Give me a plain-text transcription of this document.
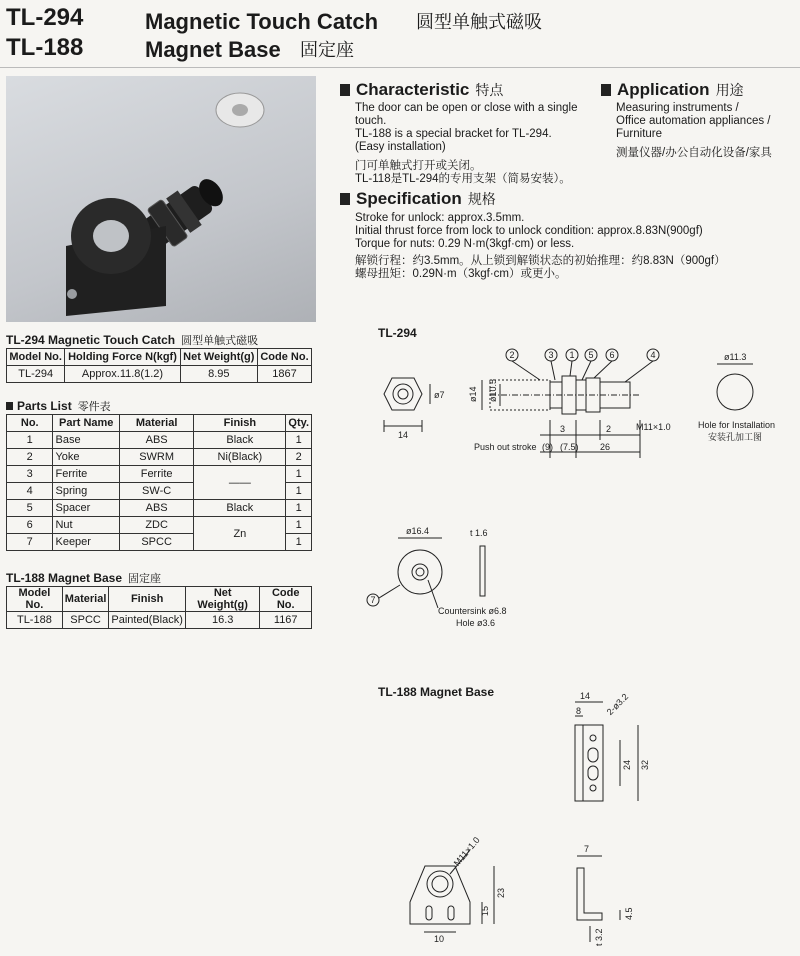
TL-294
TL-188
Magnetic Touch Catch 圆型单触式磁吸
Magnet Base 固定座
Characteristic 特点
The door can be open or close with a single touch.
TL-188 is a special bracket for TL-294.
(Easy installation)
门可单触式打开或关闭。
TL-118是TL-294的专用支架（简易安装）。
Application 用途
Measuring instruments /
Office automation appliances /
Furniture
测量仪器/办公自动化设备/家具
Specification 规格
Stroke for unlock: approx.3.5mm.
Initial thrust force from lock to unlock condition: approx.8.83N(900gf)
Torque for nuts: 0.29 N·m(3kgf·cm) or less.
解锁行程：约3.5mm。从上锁到解锁状态的初始推理：约8.83N（900gf）
螺母扭矩：0.29N·m（3kgf·cm）或更小。
TL-294 Magnetic Touch Catch 圆型单触式磁吸
Model No.	Holding Force N(kgf)	Net Weight(g)	Code No.
TL-294	Approx.11.8(1.2)	8.95	1867
Parts List 零件表
No.	Part Name	Material	Finish	Qty.
1	Base	ABS	Black	1
2	Yoke	SWRM	Ni(Black)	2
3	Ferrite	Ferrite	——	1
4	Spring	SW-C		1
5	Spacer	ABS	Black	1
6	Nut	ZDC	Zn	1
7	Keeper	SPCC		1
TL-188 Magnet Base 固定座
Model No.	Material	Finish	Net Weight(g)	Code No.
TL-188	SPCC	Painted(Black)	16.3	1167
TL-294
2	3 1 5 6	4
7
ø7
14
ø14 ø10.5
3	2	M11×1.0
Push out stroke (9) (7.5) 26
ø11.3
Hole for Installation
安装孔加工图
ø16.4	t 1.6
Countersink ø6.8
Hole ø3.6
TL-188 Magnet Base	14
8	2-ø3.2
24 32
M11×1.0
23
15
10
7
4.5
t 3.2
